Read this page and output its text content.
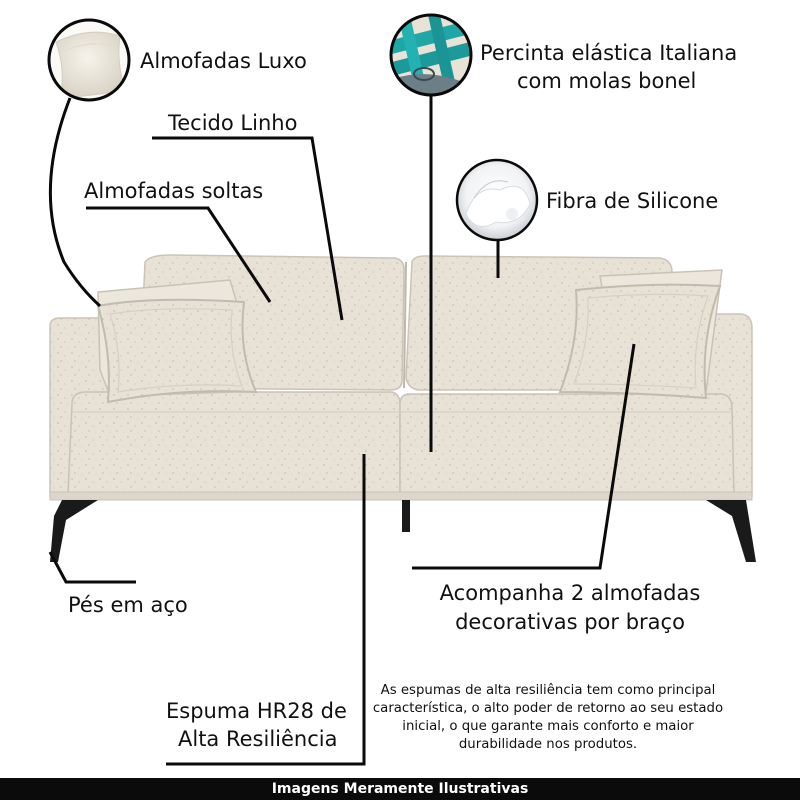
Almofadas Luxo
Tecido Linho
Almofadas soltas
Percinta elástica Italiana
com molas bonel
Fibra de Silicone
Pés em aço	Acompanha 2 almofadas
decorativas por braço
Espuma HR28 de
Alta Resiliência
As espumas de alta resiliência tem como principal característica, o alto poder de retorno ao seu estado inicial, o que garante mais conforto e maior durabilidade nos produtos.
Imagens Meramente Ilustrativas
